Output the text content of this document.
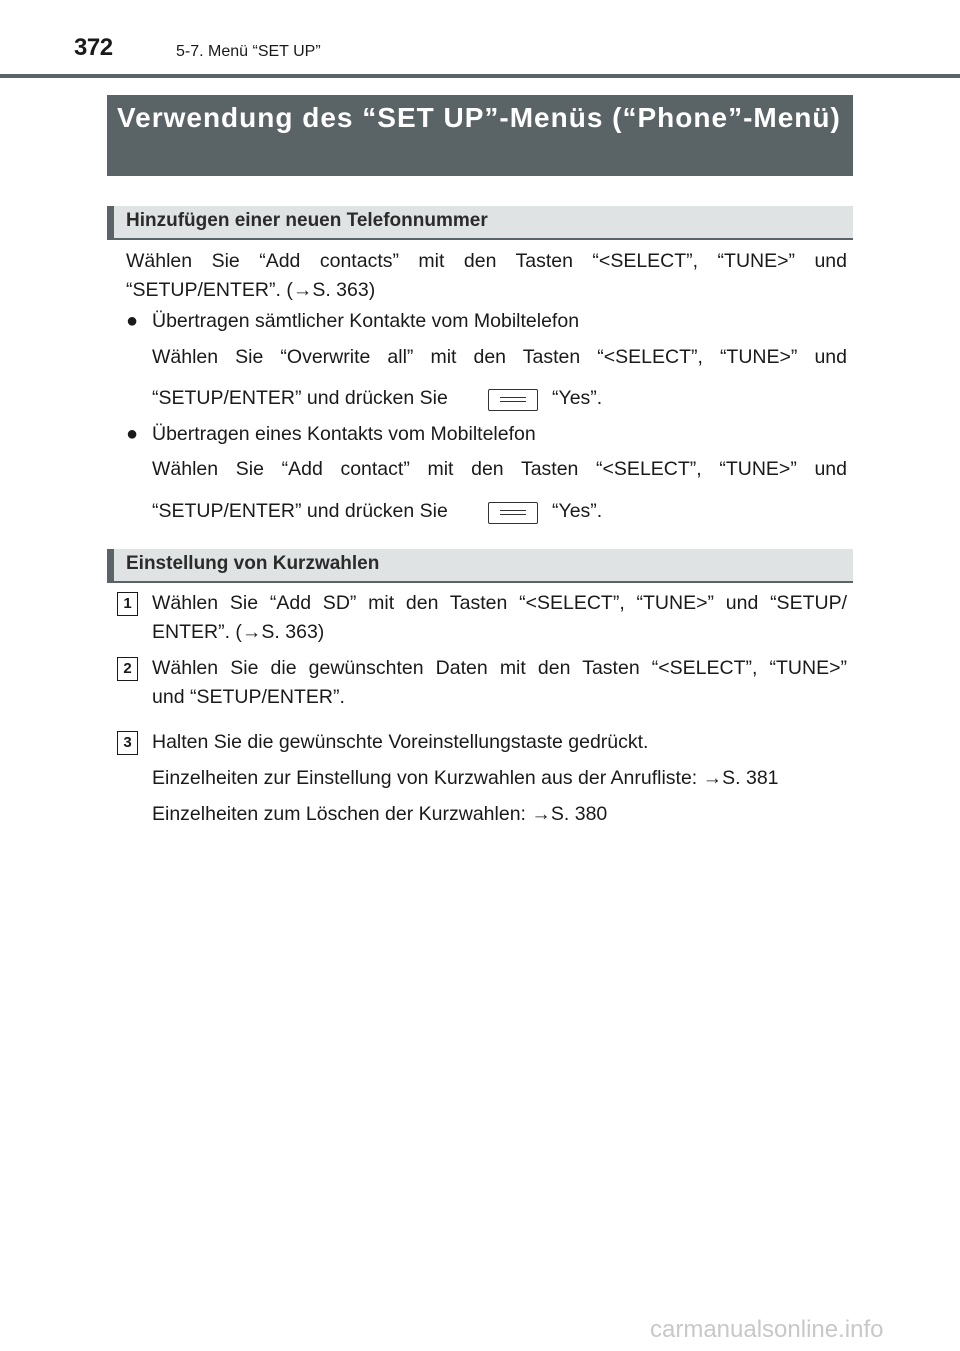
372	5-7. Menü “SET UP”
Verwendung des “SET UP”-Menüs (“Phone”-Menü)
Hinzufügen einer neuen Telefonnummer
Wählen Sie “Add contacts” mit den Tasten “<SELECT”, “TUNE>” und
“SETUP/ENTER”. (→S. 363)
● Übertragen sämtlicher Kontakte vom Mobiltelefon
Wählen Sie “Overwrite all” mit den Tasten “<SELECT”, “TUNE>” und
“SETUP/ENTER” und drücken Sie	“Yes”.
● Übertragen eines Kontakts vom Mobiltelefon
Wählen Sie “Add contact” mit den Tasten “<SELECT”, “TUNE>” und
“SETUP/ENTER” und drücken Sie	“Yes”.
Einstellung von Kurzwahlen
1	Wählen Sie “Add SD” mit den Tasten “<SELECT”, “TUNE>” und “SETUP/
ENTER”. (→S. 363)
2	Wählen Sie die gewünschten Daten mit den Tasten “<SELECT”, “TUNE>”
und “SETUP/ENTER”.
3	Halten Sie die gewünschte Voreinstellungstaste gedrückt.
Einzelheiten zur Einstellung von Kurzwahlen aus der Anrufliste: →S. 381
Einzelheiten zum Löschen der Kurzwahlen: →S. 380
carmanualsonline.info
